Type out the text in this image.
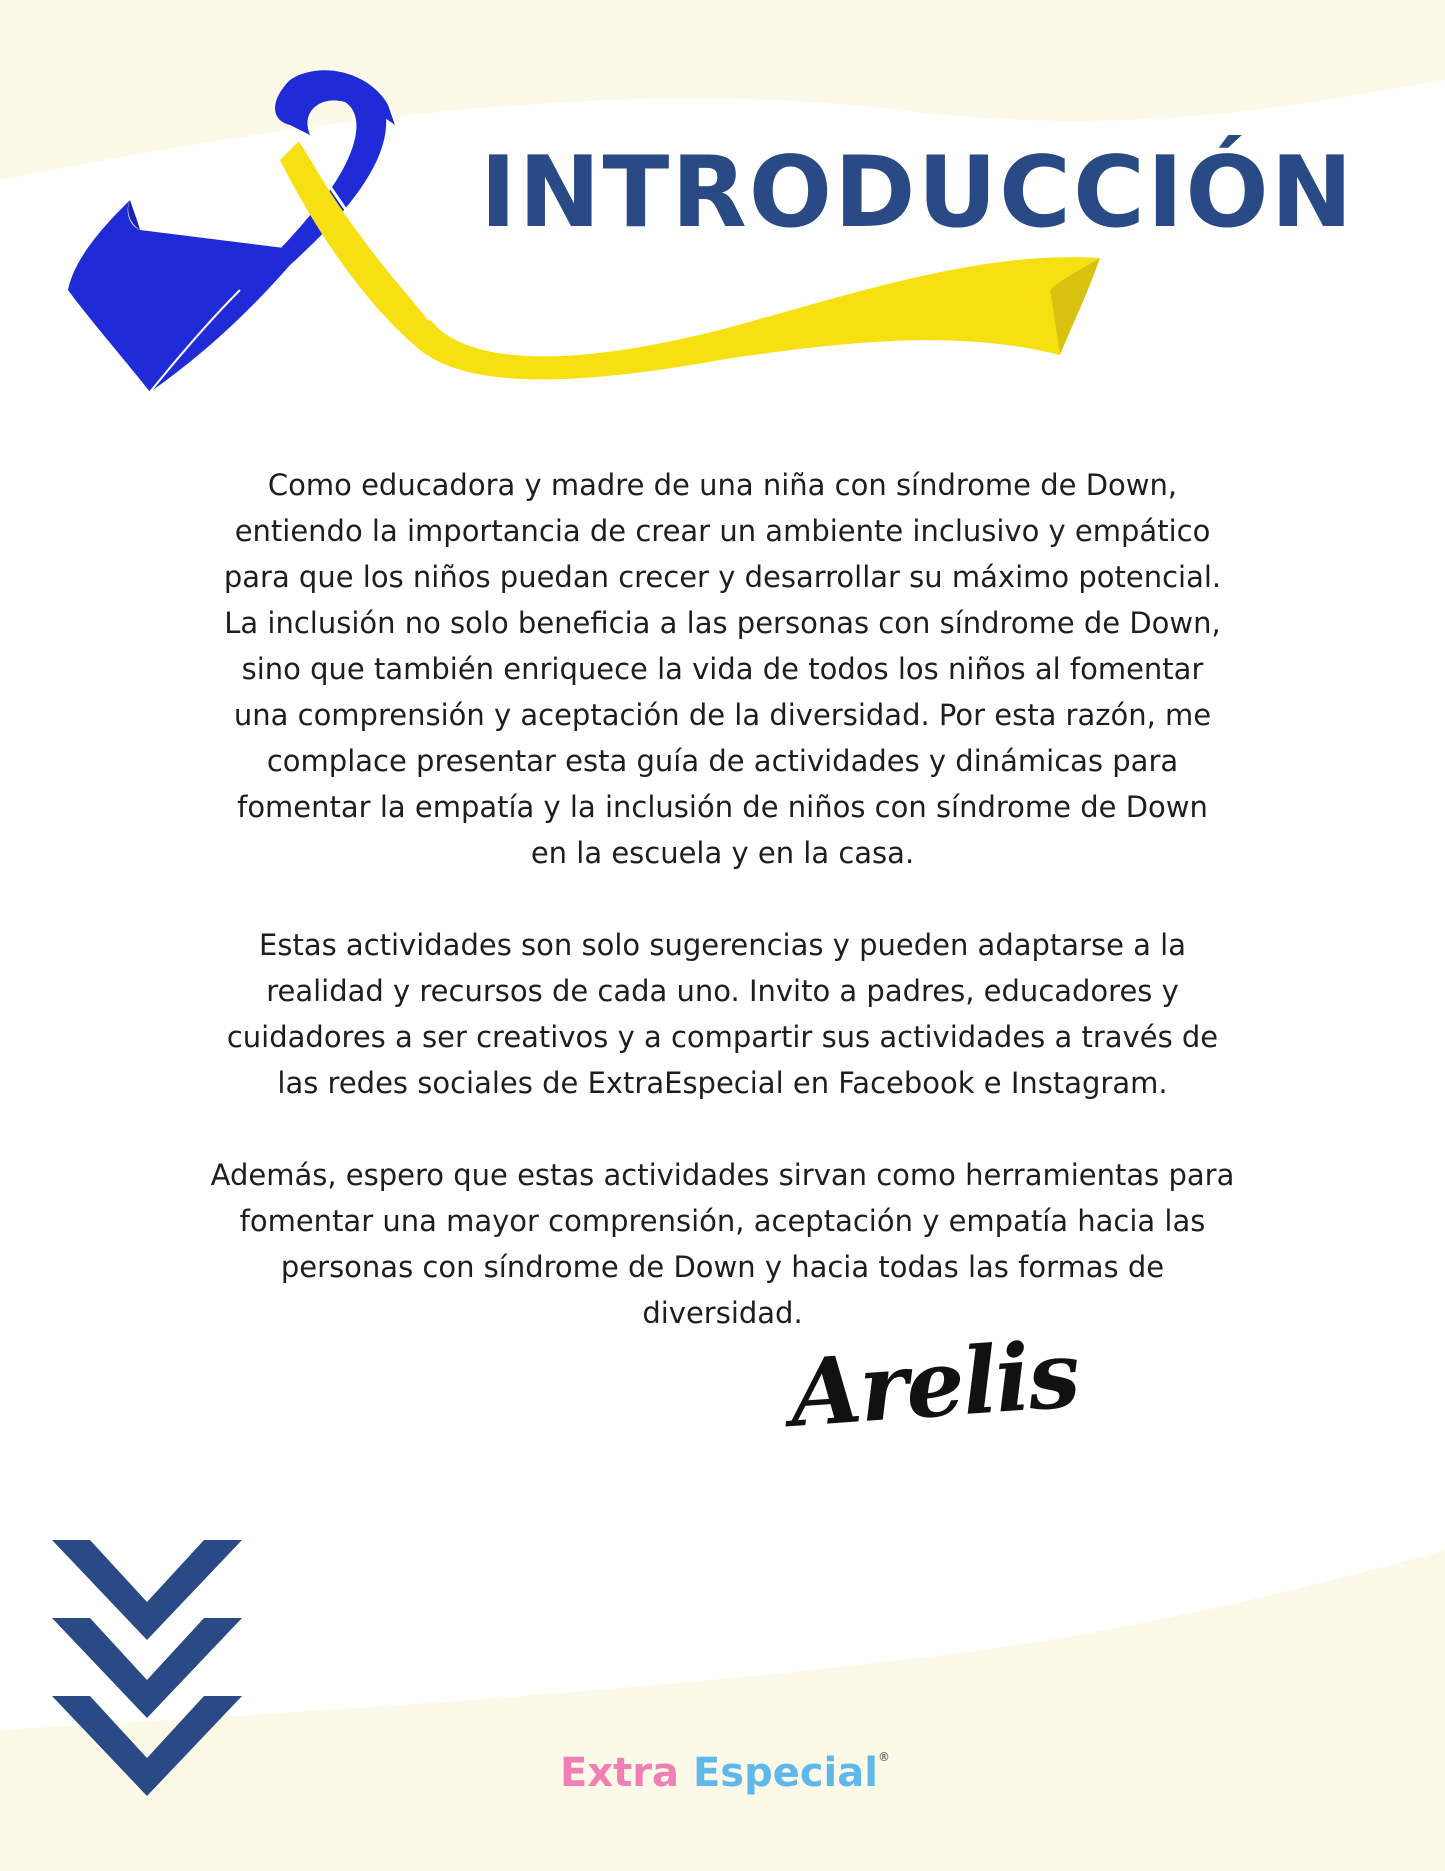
INTRODUCCIÓN

Como educadora y madre de una niña con síndrome de Down,
entiendo la importancia de crear un ambiente inclusivo y empático
para que los niños puedan crecer y desarrollar su máximo potencial.
La inclusión no solo beneficia a las personas con síndrome de Down,
sino que también enriquece la vida de todos los niños al fomentar
una comprensión y aceptación de la diversidad. Por esta razón, me
complace presentar esta guía de actividades y dinámicas para
fomentar la empatía y la inclusión de niños con síndrome de Down
en la escuela y en la casa.

Estas actividades son solo sugerencias y pueden adaptarse a la
realidad y recursos de cada uno. Invito a padres, educadores y
cuidadores a ser creativos y a compartir sus actividades a través de
las redes sociales de ExtraEspecial en Facebook e Instagram.

Además, espero que estas actividades sirvan como herramientas para
fomentar una mayor comprensión, aceptación y empatía hacia las
personas con síndrome de Down y hacia todas las formas de
diversidad.

Arelis
Extra Especial®
